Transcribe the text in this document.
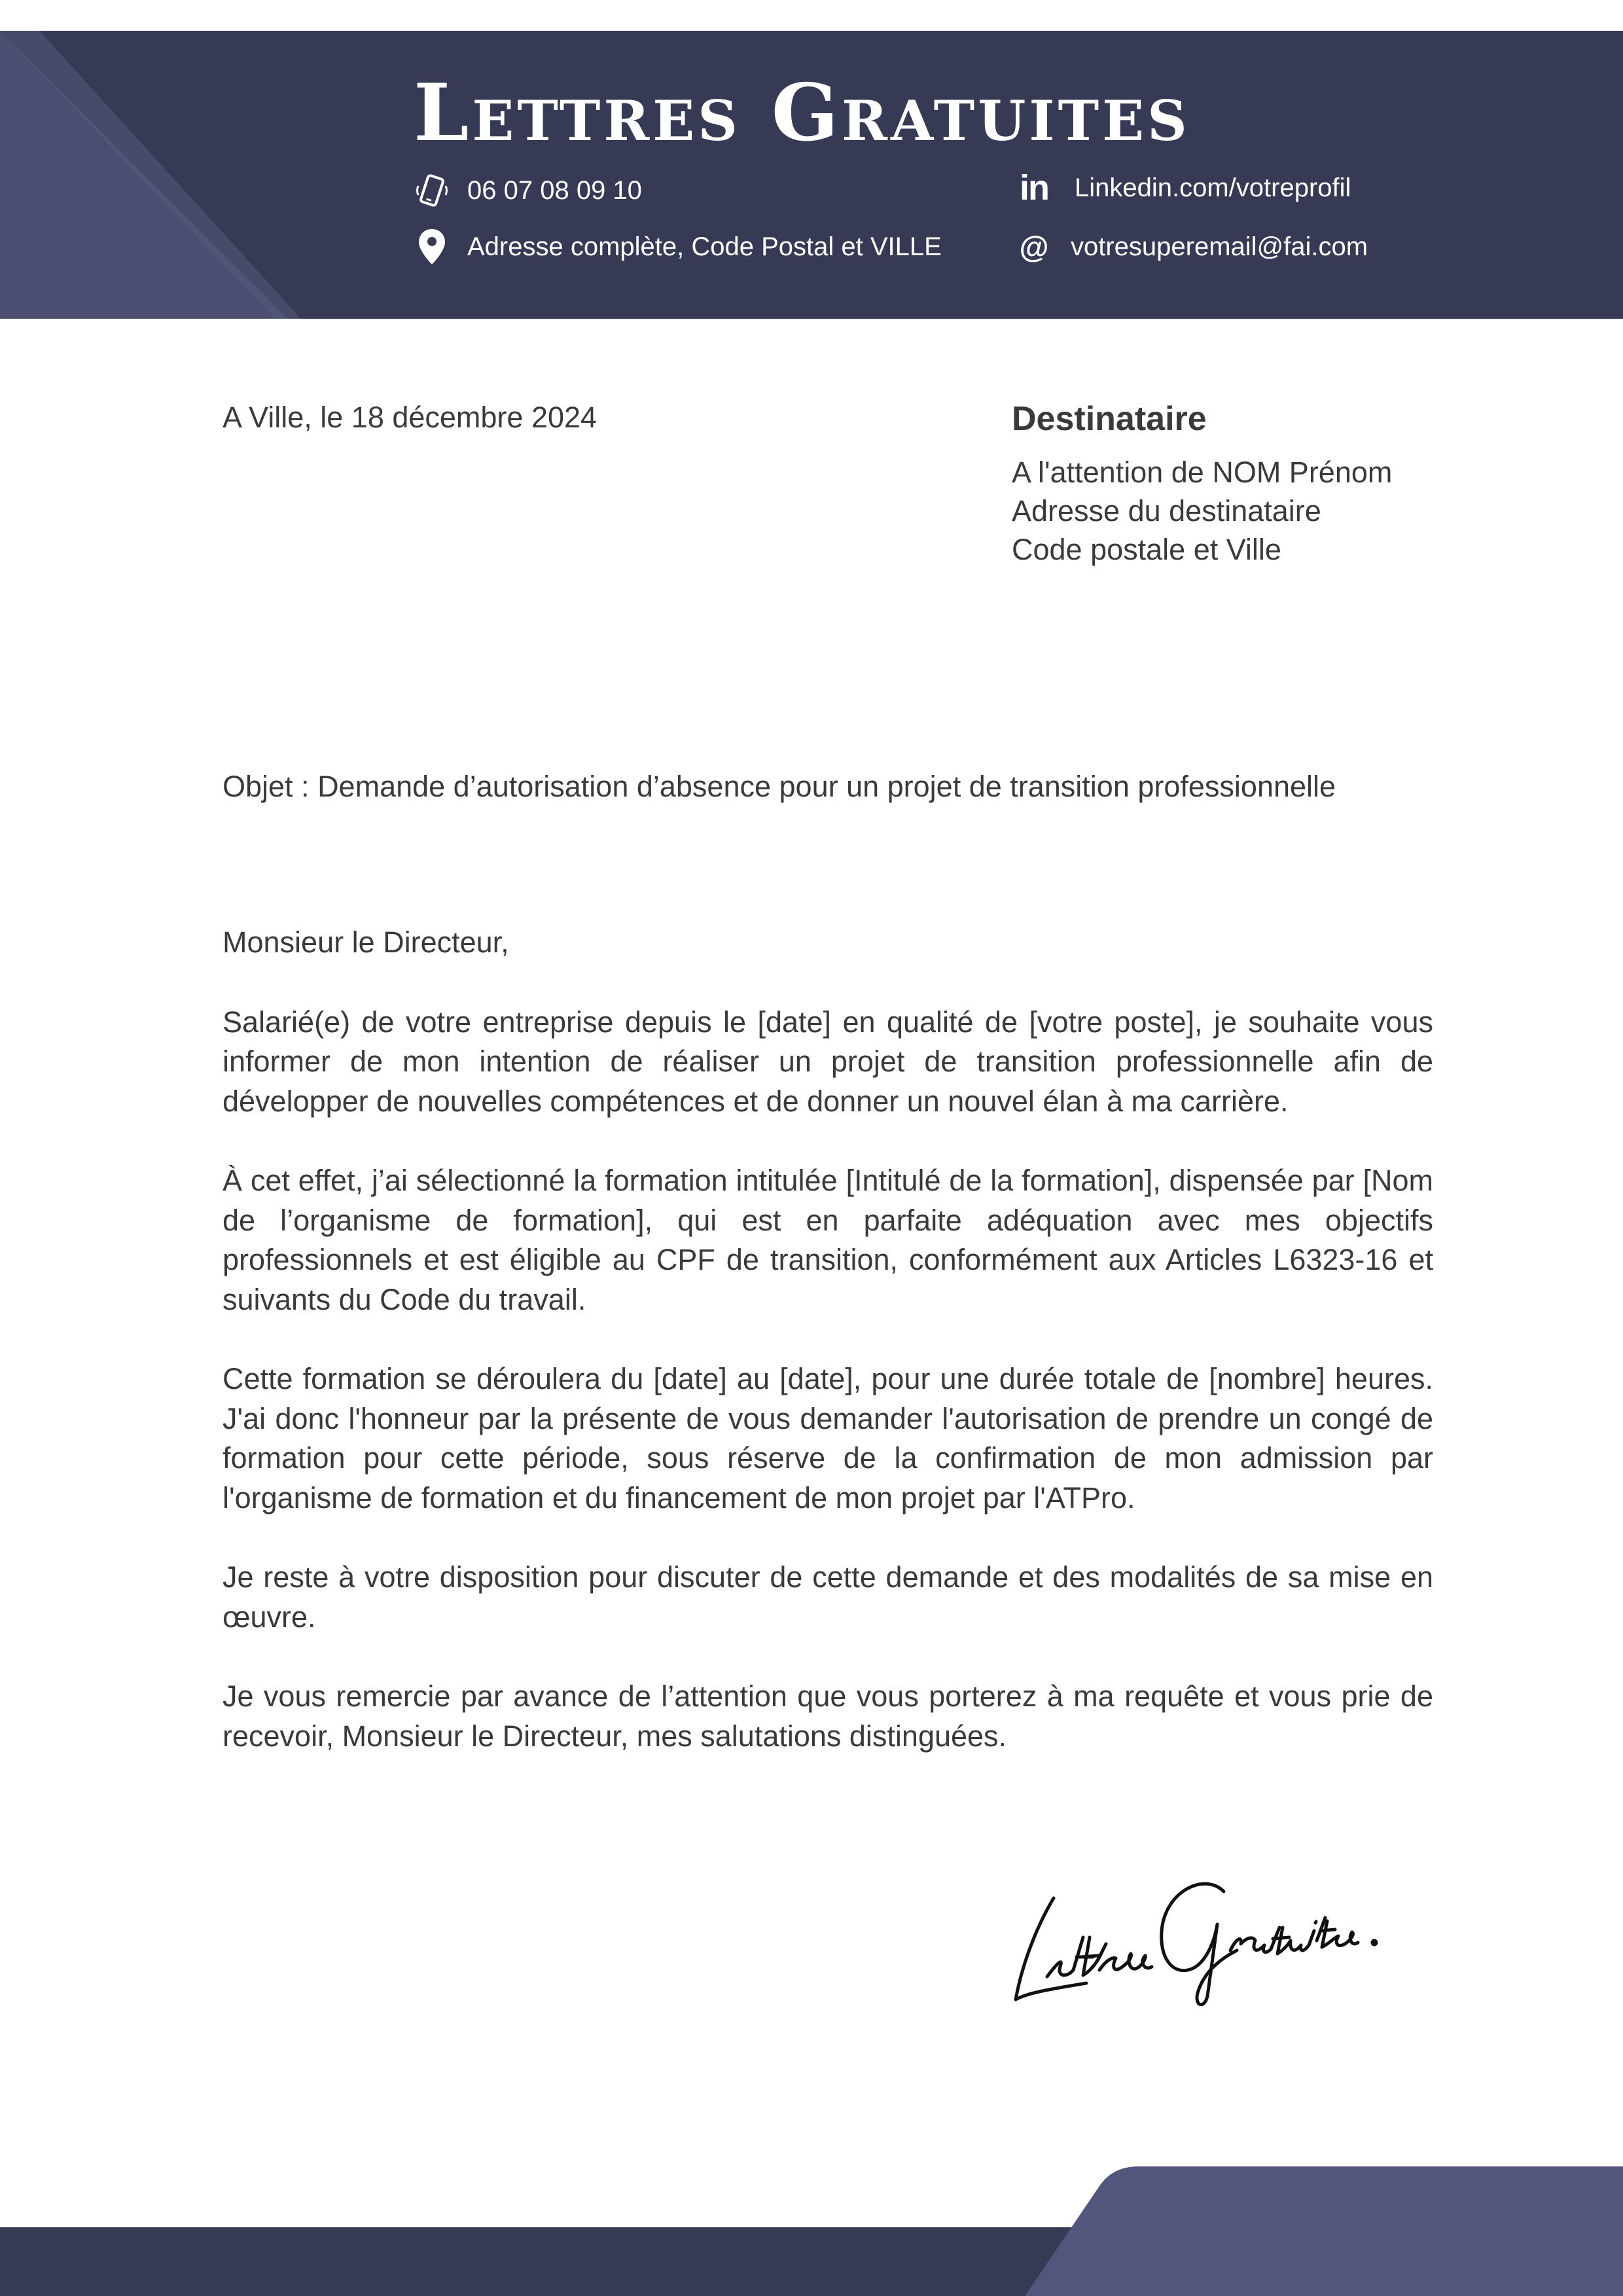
Lettres Gratuites
06 07 08 09 10
Adresse complète, Code Postal et VILLE
in Linkedin.com/votreprofil
@ votresuperemail@fai.com
A Ville, le 18 décembre 2024	Destinataire
A l'attention de NOM Prénom
Adresse du destinataire
Code postale et Ville
Objet : Demande d’autorisation d’absence pour un projet de transition professionnelle

Monsieur le Directeur,

Salarié(e) de votre entreprise depuis le [date] en qualité de [votre poste], je souhaite vous informer de mon intention de réaliser un projet de transition professionnelle afin de développer de nouvelles compétences et de donner un nouvel élan à ma carrière.

À cet effet, j’ai sélectionné la formation intitulée [Intitulé de la formation], dispensée par [Nom de l’organisme de formation], qui est en parfaite adéquation avec mes objectifs professionnels et est éligible au CPF de transition, conformément aux Articles L6323-16 et suivants du Code du travail.

Cette formation se déroulera du [date] au [date], pour une durée totale de [nombre] heures. J'ai donc l'honneur par la présente de vous demander l'autorisation de prendre un congé de formation pour cette période, sous réserve de la confirmation de mon admission par l'organisme de formation et du financement de mon projet par l'ATPro.

Je reste à votre disposition pour discuter de cette demande et des modalités de sa mise en œuvre.

Je vous remercie par avance de l’attention que vous porterez à ma requête et vous prie de recevoir, Monsieur le Directeur, mes salutations distinguées.
